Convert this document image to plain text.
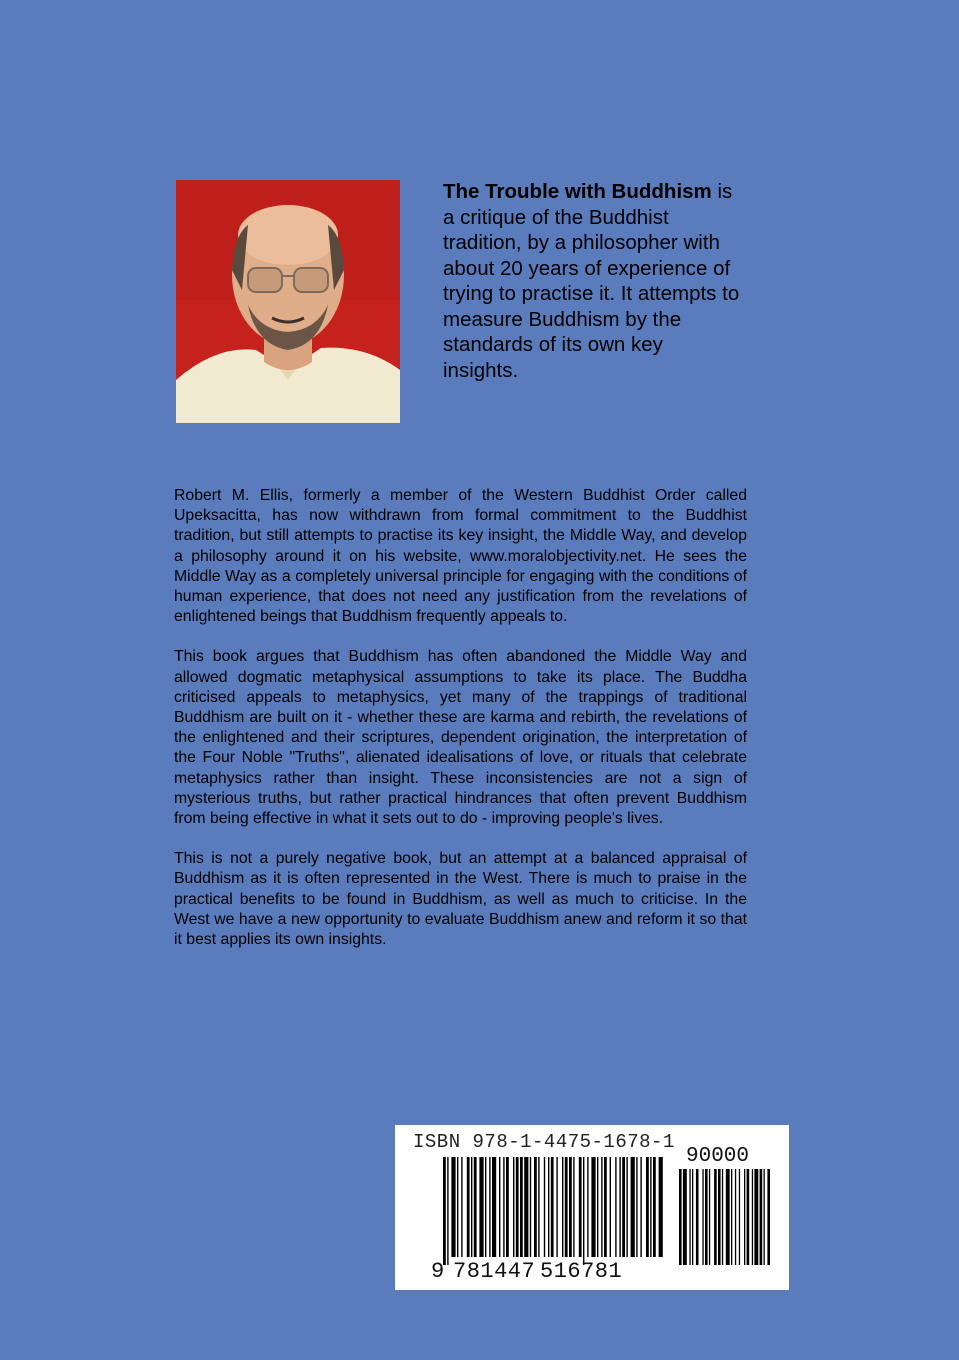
The Trouble with Buddhism is a critique of the Buddhist tradition, by a philosopher with about 20 years of experience of trying to practise it. It attempts to measure Buddhism by the standards of its own key insights.

Robert M. Ellis, formerly a member of the Western Buddhist Order called Upeksacitta, has now withdrawn from formal commitment to the Buddhist tradition, but still attempts to practise its key insight, the Middle Way, and develop a philosophy around it on his website, www.moralobjectivity.net. He sees the Middle Way as a completely universal principle for engaging with the conditions of human experience, that does not need any justification from the revelations of enlightened beings that Buddhism frequently appeals to.

This book argues that Buddhism has often abandoned the Middle Way and allowed dogmatic metaphysical assumptions to take its place. The Buddha criticised appeals to metaphysics, yet many of the trappings of traditional Buddhism are built on it - whether these are karma and rebirth, the revelations of the enlightened and their scriptures, dependent origination, the interpretation of the Four Noble "Truths", alienated idealisations of love, or rituals that celebrate metaphysics rather than insight. These inconsistencies are not a sign of mysterious truths, but rather practical hindrances that often prevent Buddhism from being effective in what it sets out to do - improving people's lives.

This is not a purely negative book, but an attempt at a balanced appraisal of Buddhism as it is often represented in the West. There is much to praise in the practical benefits to be found in Buddhism, as well as much to criticise. In the West we have a new opportunity to evaluate Buddhism anew and reform it so that it best applies its own insights.

ISBN 978-1-4475-1678-1
90000
9 781447 516781
